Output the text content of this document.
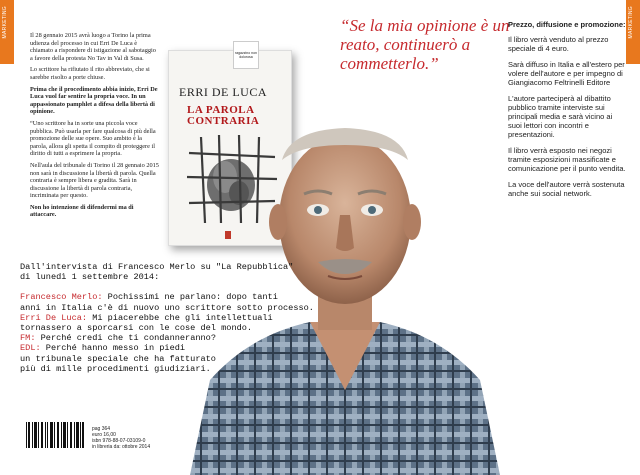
MARKETING	MARKETING

Il 28 gennaio 2015 avrà luogo a Torino la prima udienza del processo in cui Erri De Luca è chiamato a rispondere di istigazione al sabotaggio a favore della protesta No Tav in Val di Susa.

Lo scrittore ha rifiutato il rito abbreviato, che si sarebbe risolto a porte chiuse.

Prima che il procedimento abbia inizio, Erri De Luca vuol far sentire la propria voce. In un appassionato pamphlet a difesa della libertà di opinione.

“Uno scrittore ha in sorte una piccola voce pubblica. Può usarla per fare qualcosa di più della promozione delle sue opere. Suo ambito è la parola, allora gli spetta il compito di proteggere il diritto di tutti a esprimere la propria.

Nell'aula del tribunale di Torino il 28 gennaio 2015 non sarà in discussione la libertà di parola. Quella contraria è sempre libera e gradita. Sarà in discussione la libertà di parola contraria, incriminata per questo.

Non ho intenzione di difendermi ma di attaccare.

ragazzino non dolorosa
ERRI DE LUCA
LA PAROLA
CONTRARIA
“Se la mia opinione è un reato, continuerò a commetterlo.”

Prezzo, diffusione e promozione:

Il libro verrà venduto al prezzo speciale di 4 euro.

Sarà diffuso in Italia e all'estero per volere dell'autore e per impegno di Giangiacomo Feltrinelli Editore

L'autore parteciperà al dibattito pubblico tramite interviste sui principali media e sarà vicino ai suoi lettori con incontri e presentazioni.

Il libro verrà esposto nei negozi tramite esposizioni massificate e comunicazione per il punto vendita.

La voce dell'autore verrà sostenuta anche sui social network.

Dall'intervista di Francesco Merlo su "La Repubblica"
di lunedì 1 settembre 2014:
Francesco Merlo: Pochissimi ne parlano: dopo tanti
anni in Italia c'è di nuovo uno scrittore sotto processo.
Erri De Luca: Mi piacerebbe che gli intellettuali
tornassero a sporcarsi con le cose del mondo.
FM: Perché credi che ti condanneranno?
EDL: Perché hanno messo in piedi
un tribunale speciale che ha fatturato
più di mille procedimenti giudiziari.
pag 364
euro 16,00
isbn 978-88-07-03109-0
in libreria da: ottobre 2014
